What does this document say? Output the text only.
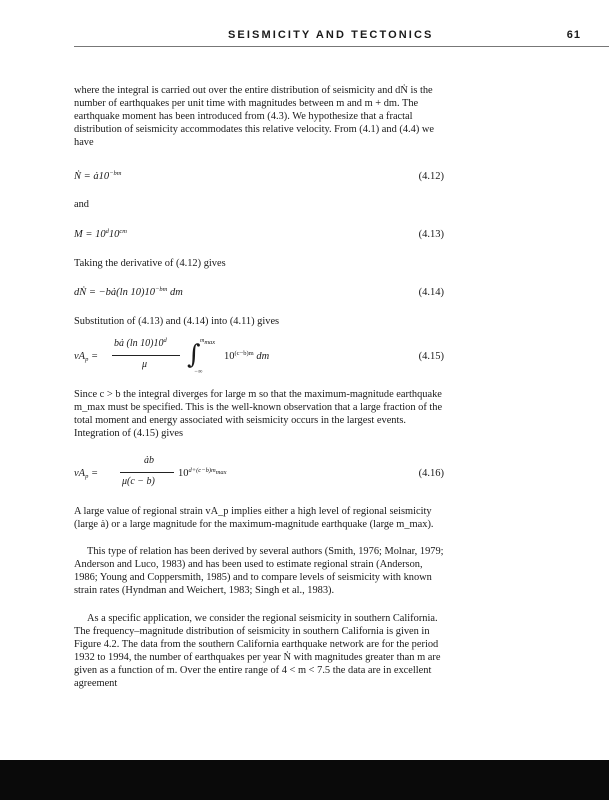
SEISMICITY AND TECTONICS	61

where the integral is carried out over the entire distribution of seismicity and dṄ is the number of earthquakes per unit time with magnitudes between m and m + dm. The earthquake moment has been introduced from (4.3). We hypothesize that a fractal distribution of seismicity accommodates this relative velocity. From (4.1) and (4.4) we have

Ṅ = $ȧ10^{-bm}$	(4.12)
and
$M = 10^d10^{cm}$	(4.13)
Taking the derivative of (4.12) gives
dṄ = −bȧ(ln $10)10^{-bm}$ dm	(4.14)
Substitution of (4.13) and (4.14) into (4.11) gives
$vA_p$ =
bȧ (ln 10)10$^d$
μ ∫ $m_{max}$
−∞
$10^{(c-b)m}$ dm	(4.15)

Since c > b the integral diverges for large m so that the maximum-magnitude earthquake m_max must be specified. This is the well-known observation that a large fraction of the total moment and energy associated with seismicity occurs in the largest events. Integration of (4.15) gives

$vA_p$ =
ȧb
μ(c − b)
$10^{d+(c-b)m_{max}}$	(4.16)

A large value of regional strain vA_p implies either a high level of regional seismicity (large ȧ) or a large magnitude for the maximum-magnitude earthquake (large m_max).

This type of relation has been derived by several authors (Smith, 1976; Molnar, 1979; Anderson and Luco, 1983) and has been used to estimate regional strain (Anderson, 1986; Young and Coppersmith, 1985) and to compare levels of seismicity with known strain rates (Hyndman and Weichert, 1983; Singh et al., 1983).

As a specific application, we consider the regional seismicity in southern California. The frequency–magnitude distribution of seismicity in southern California is given in Figure 4.2. The data from the southern California earthquake network are for the period 1932 to 1994, the number of earthquakes per year Ṅ with magnitudes greater than m are given as a function of m. Over the entire range of 4 < m < 7.5 the data are in excellent agreement
